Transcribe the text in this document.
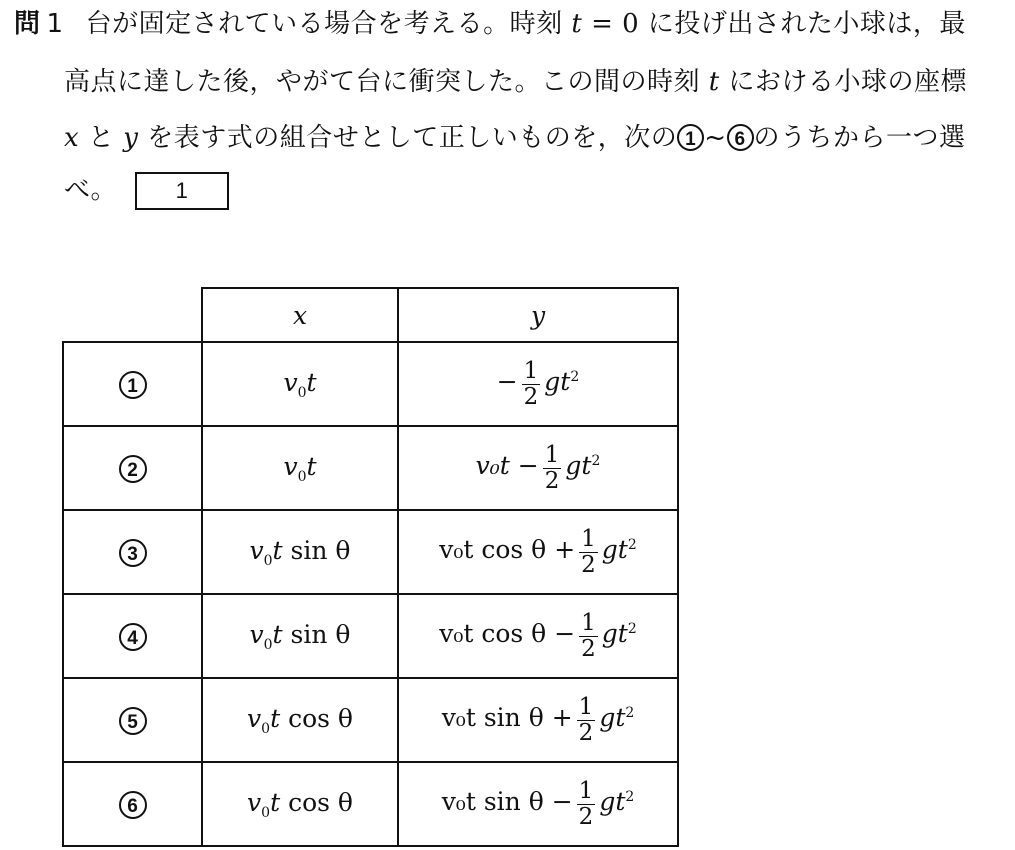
問 1 台が固定されている場合を考える。時刻 t = 0 に投げ出された小球は，最
高点に達した後，やがて台に衝突した。この間の時刻 t における小球の座標
x と y を表す式の組合せとして正しいものを，次の 1 ~ 6 のうちから一つ選
べ。	1
	x	y
1	$v_0t$	− $\frac{1}{2} gt^2$
2	$v_0t$	$v_0t - \frac{1}{2} gt^2$
3	$v_0t$ sin θ	v₀t $\cos \theta + \frac{1}{2} gt^2$
4	$v_0t$ sin θ	v₀t $\cos \theta - \frac{1}{2} gt^2$
5	$v_0t$ cos θ	v₀t $\sin \theta + \frac{1}{2} gt^2$
6	$v_0t$ cos θ	v₀t $\sin \theta - \frac{1}{2} gt^2$
